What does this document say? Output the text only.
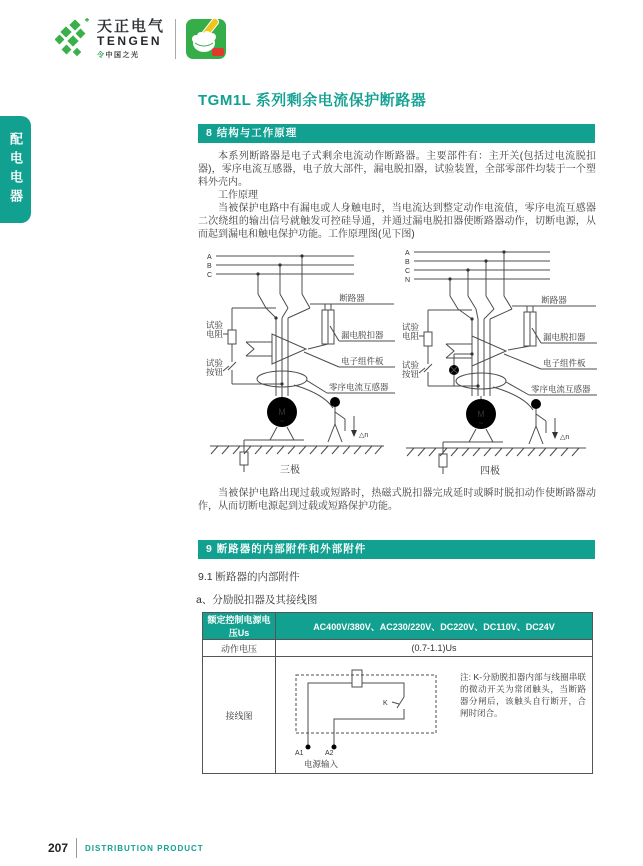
天正电气
TENGEN
令中国之光
配电电器
TGM1L 系列剩余电流保护断路器
8 结构与工作原理

本系列断路器是电子式剩余电流动作断路器。主要部件有：主开关(包括过电流脱扣器)，零序电流互感器，电子放大部件，漏电脱扣器，试验装置，全部零部件均装于一个塑料外壳内。

工作原理

当被保护电路中有漏电或人身触电时，当电流达到整定动作电流值，零序电流互感器二次绕组的输出信号就触发可控硅导通，并通过漏电脱扣器使断路器动作，切断电源，从而起到漏电和触电保护功能。工作原理图(见下图)

A
B
C
断路器
漏电脱扣器
电子组件板
零序电流互感器
试验
电阻
试验
按钮
M
~
△n
三极
A
B
C
N
断路器
漏电脱扣器
电子组件板
零序电流互感器
试验
电阻
试验
按钮
M
~
△n
四极

当被保护电路出现过载或短路时，热磁式脱扣器完成延时或瞬时脱扣动作使断路器动作，从而切断电源起到过载或短路保护功能。

9 断路器的内部附件和外部附件
9.1 断路器的内部附件
a、分励脱扣器及其接线图
额定控制电源电压Us	AC400V/380V、AC230/220V、DC220V、DC110V、DC24V
动作电压	(0.7-1.1)Us
接线图	K
A1 A2
电源输入
注: K-分励脱扣器内部与线圈串联的微动开关为常闭触头，当断路器分闸后，该触头自行断开，合闸时闭合。
207 DISTRIBUTION PRODUCT
